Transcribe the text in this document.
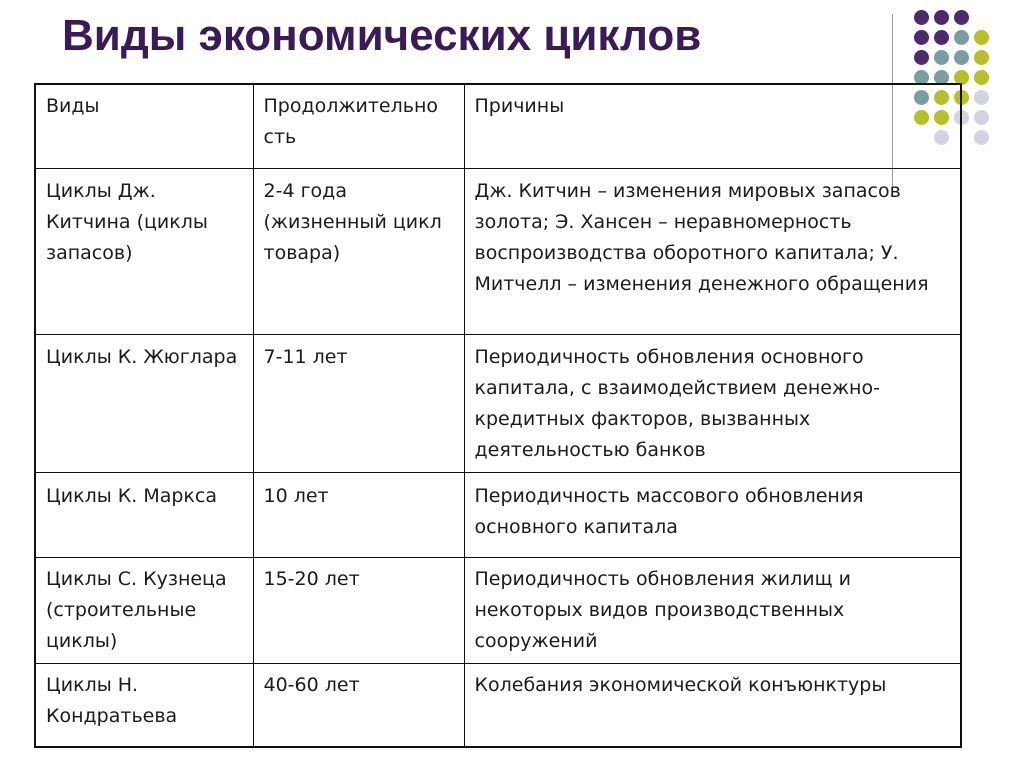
Виды экономических циклов
Виды	Продолжительно сть	Причины
Циклы Дж. Китчина (циклы запасов)	2-4 года (жизненный цикл товара)	Дж. Китчин – изменения мировых запасов золота; Э. Хансен – неравномерность воспроизводства оборотного капитала; У. Митчелл – изменения денежного обращения
Циклы К. Жюглара	7-11 лет	Периодичность обновления основного капитала, с взаимодействием денежно-кредитных факторов, вызванных деятельностью банков
Циклы К. Маркса	10 лет	Периодичность массового обновления основного капитала
Циклы С. Кузнеца (строительные циклы)	15-20 лет	Периодичность обновления жилищ и некоторых видов производственных сооружений
Циклы Н. Кондратьева	40-60 лет	Колебания экономической конъюнктуры
